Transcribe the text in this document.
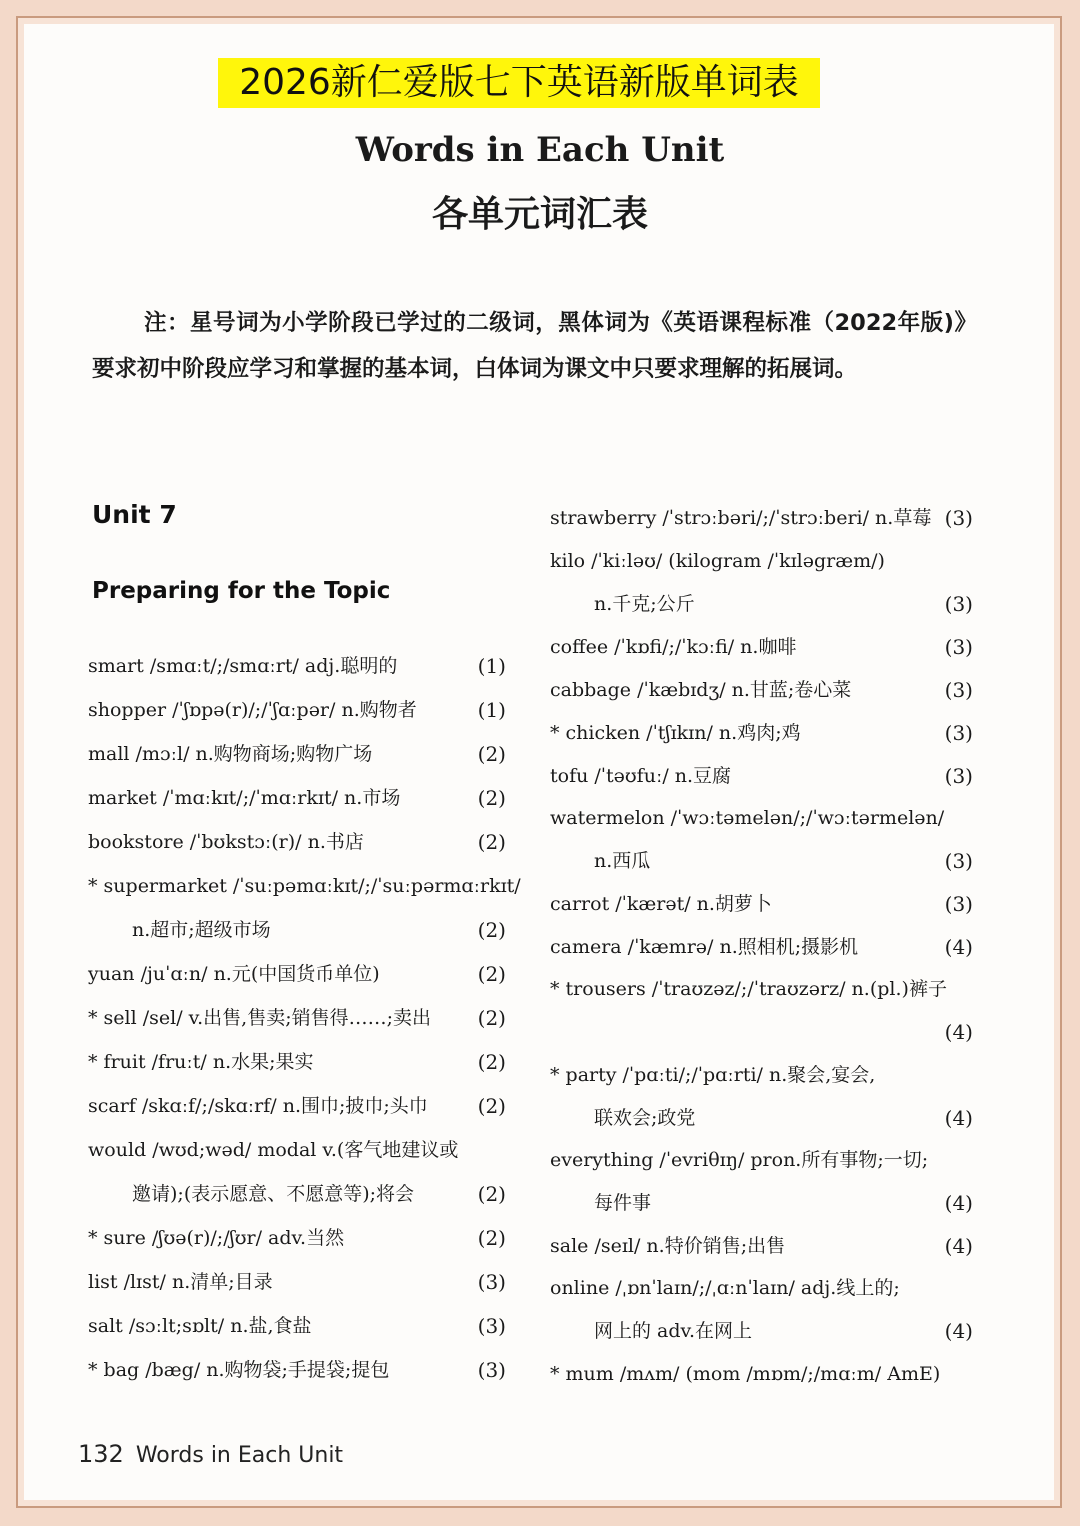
2026新仁爱版七下英语新版单词表
Words in Each Unit
各单元词汇表
注：星号词为小学阶段已学过的二级词，黑体词为《英语课程标准（2022年版)》要求初中阶段应学习和掌握的基本词，白体词为课文中只要求理解的拓展词。
Unit 7
Preparing for the Topic
smart /smɑːt/;/smɑːrt/ adj.聪明的	(1)
shopper /ˈʃɒpə(r)/;/ˈʃɑːpər/ n.购物者	(1)
mall /mɔːl/ n.购物商场;购物广场	(2)
market /ˈmɑːkɪt/;/ˈmɑːrkɪt/ n.市场	(2)
bookstore /ˈbʊkstɔː(r)/ n.书店	(2)
* supermarket /ˈsuːpəmɑːkɪt/;/ˈsuːpərmɑːrkɪt/
n.超市;超级市场	(2)
yuan /juˈɑːn/ n.元(中国货币单位)	(2)
* sell /sel/ v.出售,售卖;销售得……;卖出 (2)
* fruit /fruːt/ n.水果;果实	(2)
scarf /skɑːf/;/skɑːrf/ n.围巾;披巾;头巾 (2)
would /wʊd;wəd/ modal v.(客气地建议或
邀请);(表示愿意、不愿意等);将会	(2)
* sure /ʃʊə(r)/;/ʃʊr/ adv.当然	(2)
list /lɪst/ n.清单;目录	(3)
salt /sɔːlt;sɒlt/ n.盐,食盐	(3)
* bag /bæg/ n.购物袋;手提袋;提包	(3)
strawberry /ˈstrɔːbəri/;/ˈstrɔːberi/ n.草莓 (3)
kilo /ˈkiːləʊ/ (kilogram /ˈkɪləgræm/)
n.千克;公斤	(3)
coffee /ˈkɒfi/;/ˈkɔːfi/ n.咖啡	(3)
cabbage /ˈkæbɪdʒ/ n.甘蓝;卷心菜	(3)
* chicken /ˈtʃɪkɪn/ n.鸡肉;鸡	(3)
tofu /ˈtəʊfuː/ n.豆腐	(3)
watermelon /ˈwɔːtəmelən/;/ˈwɔːtərmelən/
n.西瓜	(3)
carrot /ˈkærət/ n.胡萝卜	(3)
camera /ˈkæmrə/ n.照相机;摄影机	(4)
* trousers /ˈtraʊzəz/;/ˈtraʊzərz/ n.(pl.)裤子
(4)
* party /ˈpɑːti/;/ˈpɑːrti/ n.聚会,宴会,
联欢会;政党	(4)
everything /ˈevriθɪŋ/ pron.所有事物;一切;
每件事	(4)
sale /seɪl/ n.特价销售;出售	(4)
online /ˌɒnˈlaɪn/;/ˌɑːnˈlaɪn/ adj.线上的;
网上的 adv.在网上	(4)
* mum /mʌm/ (mom /mɒm/;/mɑːm/ AmE)
132 Words in Each Unit
